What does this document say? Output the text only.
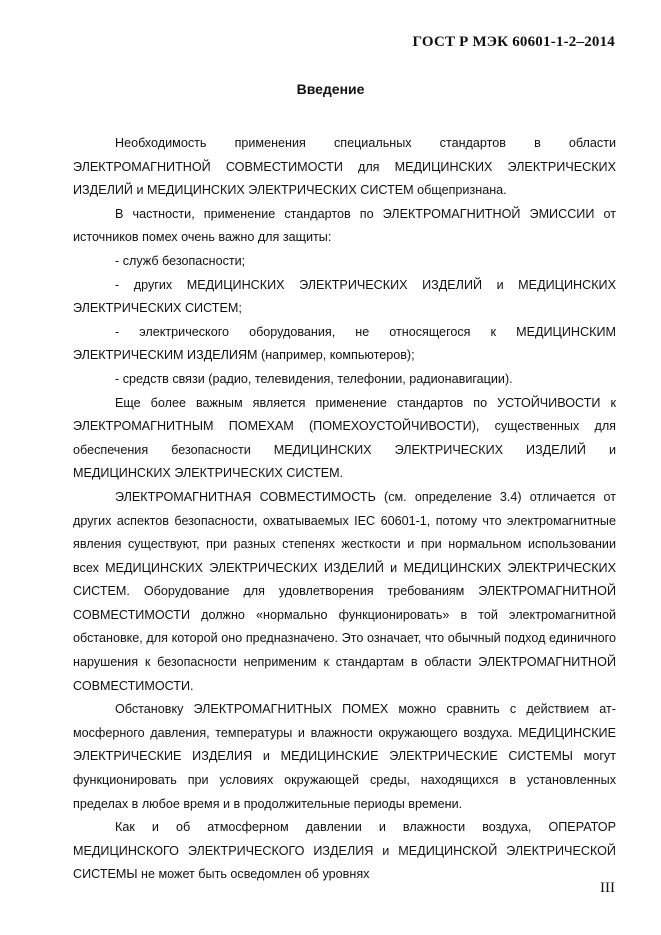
ГОСТ Р МЭК 60601-1-2–2014
Введение

Необходимость применения специальных стандартов в области ЭЛЕКТРОМАГНИТНОЙ СОВМЕСТИМОСТИ для МЕДИЦИНСКИХ ЭЛЕКТРИЧЕСКИХ ИЗДЕЛИЙ и МЕДИЦИНСКИХ ЭЛЕКТРИЧЕСКИХ СИСТЕМ общепризнана.

В частности, применение стандартов по ЭЛЕКТРОМАГНИТНОЙ ЭМИССИИ от источников помех очень важно для защиты:

- служб безопасности;

- других МЕДИЦИНСКИХ ЭЛЕКТРИЧЕСКИХ ИЗДЕЛИЙ и МЕДИЦИНСКИХ ЭЛЕКТРИЧЕСКИХ СИСТЕМ;

- электрического оборудования, не относящегося к МЕДИЦИНСКИМ ЭЛЕКТРИЧЕСКИМ ИЗДЕЛИЯМ (например, компьютеров);

- средств связи (радио, телевидения, телефонии, радионавигации).

Еще более важным является применение стандартов по УСТОЙЧИВОСТИ к ЭЛЕКТРОМАГНИТНЫМ ПОМЕХАМ (ПОМЕХОУСТОЙЧИВОСТИ), существенных для обеспечения безопасности МЕДИЦИНСКИХ ЭЛЕКТРИЧЕСКИХ ИЗДЕЛИЙ и МЕДИЦИНСКИХ ЭЛЕКТРИЧЕСКИХ СИСТЕМ.

ЭЛЕКТРОМАГНИТНАЯ СОВМЕСТИМОСТЬ (см. определение 3.4) отличается от других аспектов безопасности, охватываемых IEC 60601-1, потому что электромагнитные явления существуют, при разных степенях жесткости и при нормальном использовании всех МЕДИЦИНСКИХ ЭЛЕКТРИЧЕСКИХ ИЗДЕЛИЙ и МЕДИЦИНСКИХ ЭЛЕКТРИЧЕСКИХ СИСТЕМ. Оборудование для удовлетворения требованиям ЭЛЕКТРОМАГНИТНОЙ СОВМЕСТИМОСТИ должно «нормально функционировать» в той электромагнитной обстановке, для которой оно предназначено. Это означает, что обычный подход единичного нарушения к безопасности неприменим к стандартам в области ЭЛЕКТРОМАГНИТНОЙ СОВМЕСТИМОСТИ.

Обстановку ЭЛЕКТРОМАГНИТНЫХ ПОМЕХ можно сравнить с действием атмосферного давления, температуры и влажности окружающего воздуха. МЕДИЦИНСКИЕ ЭЛЕКТРИЧЕСКИЕ ИЗДЕЛИЯ и МЕДИЦИНСКИЕ ЭЛЕКТРИЧЕСКИЕ СИСТЕМЫ могут функционировать при условиях окружающей среды, находящихся в установленных пределах в любое время и в продолжительные периоды времени.

Как и об атмосферном давлении и влажности воздуха, ОПЕРАТОР МЕДИЦИНСКОГО ЭЛЕКТРИЧЕСКОГО ИЗДЕЛИЯ и МЕДИЦИНСКОЙ ЭЛЕКТРИЧЕСКОЙ СИСТЕМЫ не может быть осведомлен об уровнях

III
